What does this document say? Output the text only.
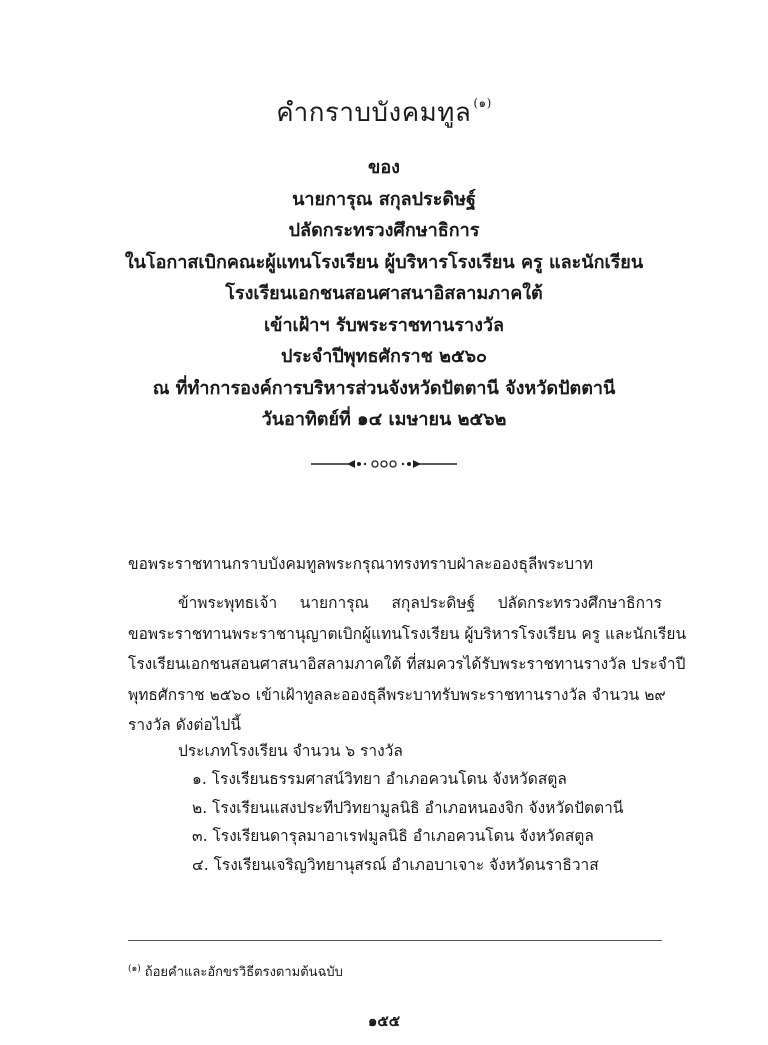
คำกราบบังคมทูล $^{(๑)}$
ของ
นายการุณ สกุลประดิษฐ์
ปลัดกระทรวงศึกษาธิการ
ในโอกาสเบิกคณะผู้แทนโรงเรียน ผู้บริหารโรงเรียน ครู และนักเรียน
โรงเรียนเอกชนสอนศาสนาอิสลามภาคใต้
เข้าเฝ้าฯ รับพระราชทานรางวัล
ประจำปีพุทธศักราช ๒๕๖๐
ณ ที่ทำการองค์การบริหารส่วนจังหวัดปัตตานี จังหวัดปัตตานี
วันอาทิตย์ที่ ๑๔ เมษายน ๒๕๖๒
ขอพระราชทานกราบบังคมทูลพระกรุณาทรงทราบฝ่าละอองธุลีพระบาท
ข้าพระพุทธเจ้า นายการุณ สกุลประดิษฐ์ ปลัดกระทรวงศึกษาธิการ
ขอพระราชทานพระราชานุญาตเบิกผู้แทนโรงเรียน ผู้บริหารโรงเรียน ครู และนักเรียน
โรงเรียนเอกชนสอนศาสนาอิสลามภาคใต้ ที่สมควรได้รับพระราชทานรางวัล ประจำปี
พุทธศักราช ๒๕๖๐ เข้าเฝ้าทูลละอองธุลีพระบาทรับพระราชทานรางวัล จำนวน ๒๙
รางวัล ดังต่อไปนี้
ประเภทโรงเรียน จำนวน ๖ รางวัล
๑. โรงเรียนธรรมศาสน์วิทยา อำเภอควนโดน จังหวัดสตูล
๒. โรงเรียนแสงประทีปวิทยามูลนิธิ อำเภอหนองจิก จังหวัดปัตตานี
๓. โรงเรียนดารุลมาอาเรฟมูลนิธิ อำเภอควนโดน จังหวัดสตูล
๔. โรงเรียนเจริญวิทยานุสรณ์ อำเภอบาเจาะ จังหวัดนราธิวาส
$^{(๑)}$ ถ้อยคำและอักขรวิธีตรงตามต้นฉบับ
๑๕๕
